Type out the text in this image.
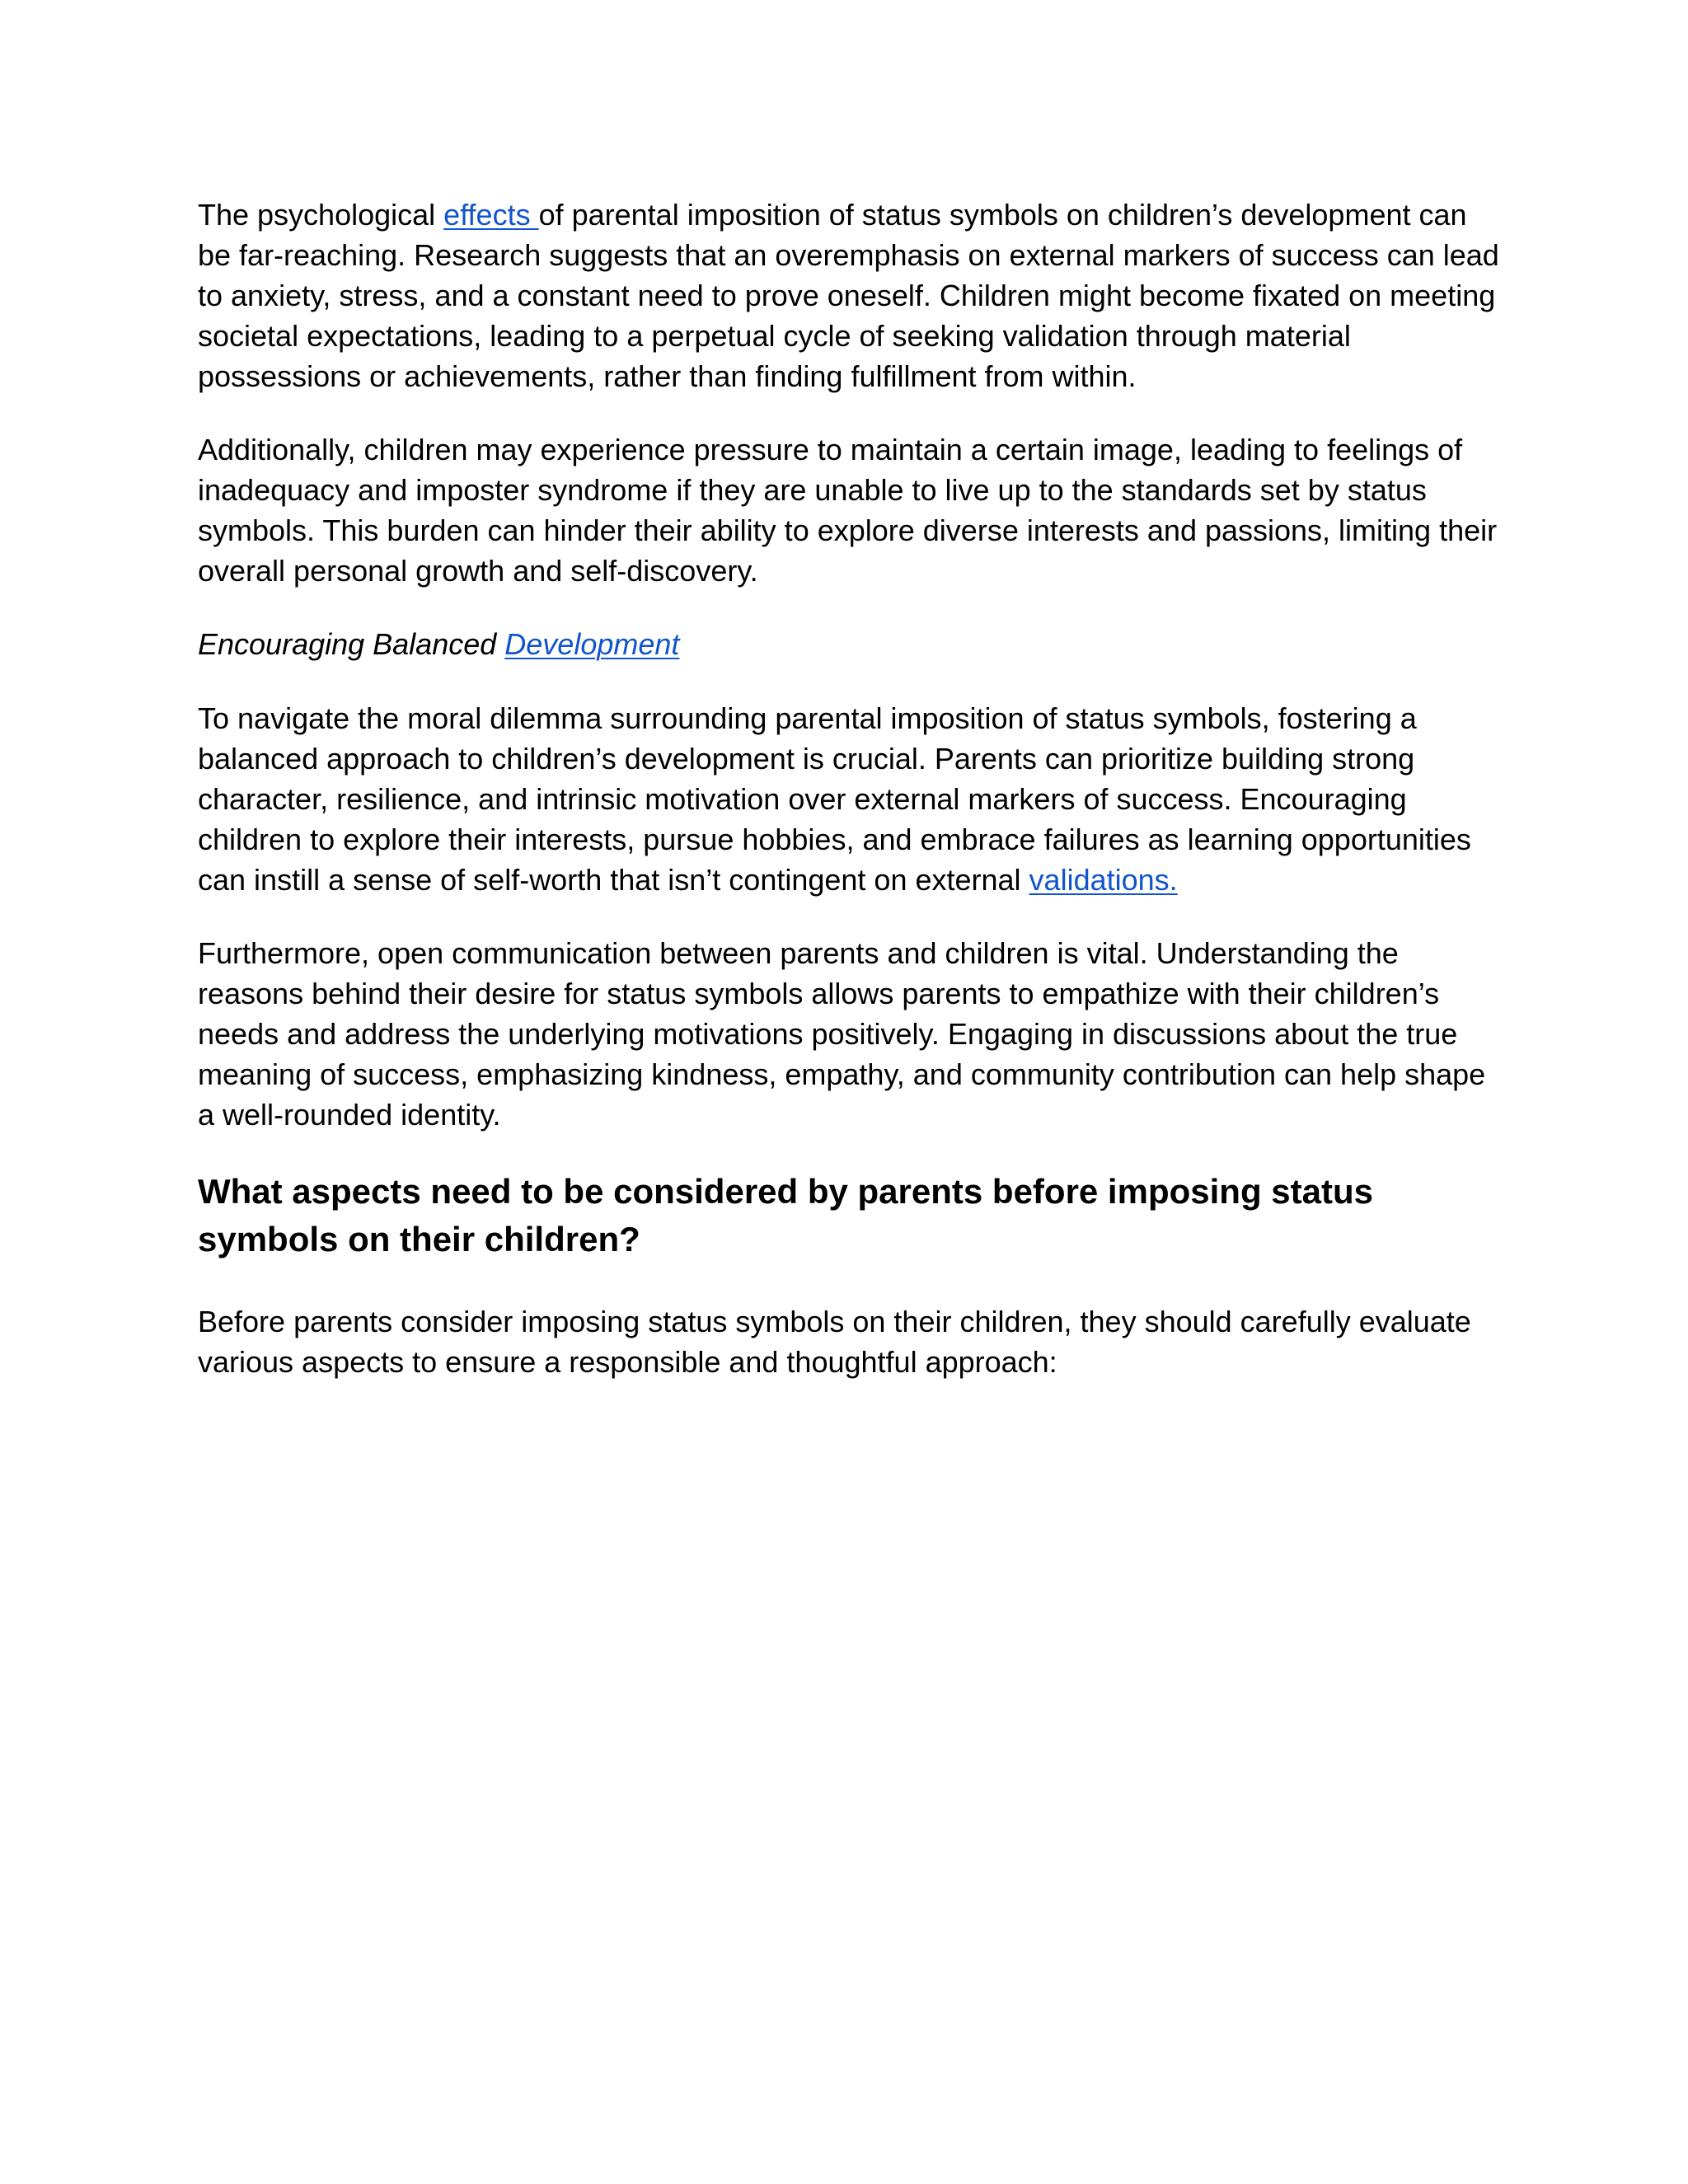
The psychological effects of parental imposition of status symbols on children’s development can be far-reaching. Research suggests that an overemphasis on external markers of success can lead to anxiety, stress, and a constant need to prove oneself. Children might become fixated on meeting societal expectations, leading to a perpetual cycle of seeking validation through material possessions or achievements, rather than finding fulfillment from within.

Additionally, children may experience pressure to maintain a certain image, leading to feelings of inadequacy and imposter syndrome if they are unable to live up to the standards set by status symbols. This burden can hinder their ability to explore diverse interests and passions, limiting their overall personal growth and self-discovery.

Encouraging Balanced Development

To navigate the moral dilemma surrounding parental imposition of status symbols, fostering a balanced approach to children’s development is crucial. Parents can prioritize building strong character, resilience, and intrinsic motivation over external markers of success. Encouraging children to explore their interests, pursue hobbies, and embrace failures as learning opportunities can instill a sense of self-worth that isn’t contingent on external validations.

Furthermore, open communication between parents and children is vital. Understanding the reasons behind their desire for status symbols allows parents to empathize with their children’s needs and address the underlying motivations positively. Engaging in discussions about the true meaning of success, emphasizing kindness, empathy, and community contribution can help shape a well-rounded identity.

What aspects need to be considered by parents before imposing status symbols on their children?

Before parents consider imposing status symbols on their children, they should carefully evaluate various aspects to ensure a responsible and thoughtful approach:
